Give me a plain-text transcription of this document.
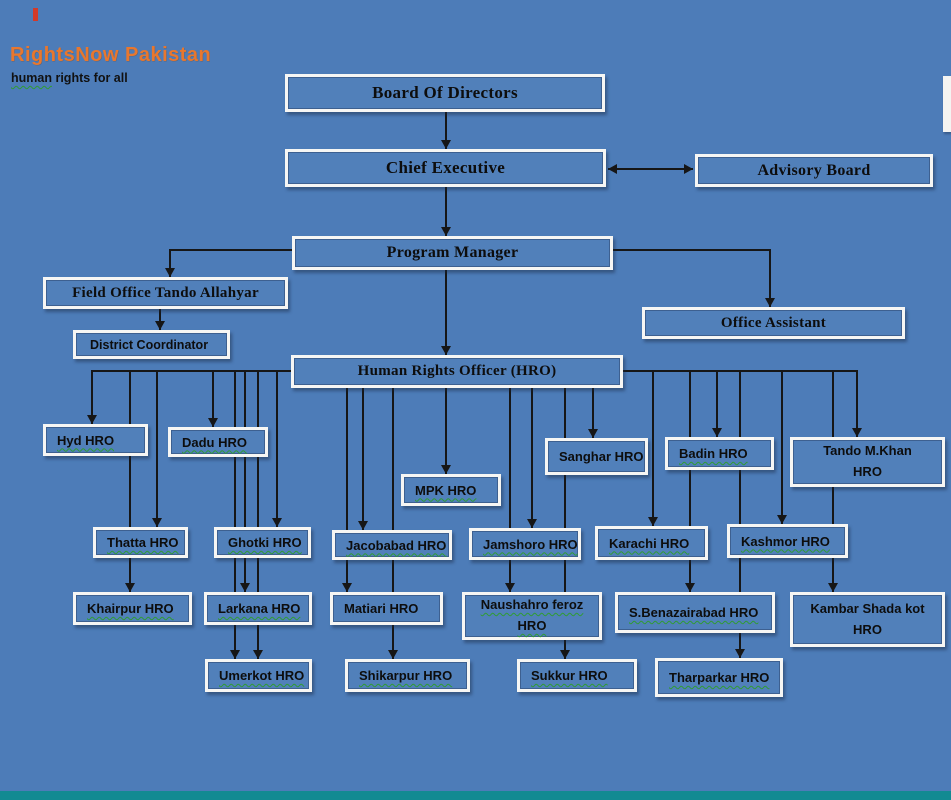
RightsNow Pakistan
human rights for all
Board Of Directors
Chief Executive	Advisory Board
Program Manager
Field Office Tando Allahyar
District Coordinator
Office Assistant
Human Rights Officer (HRO)
Hyd HRO	Dadu HRO
MPK HRO
Sanghar HRO	Badin HRO	Tando M.Khan
HRO
Thatta HRO	Ghotki HRO	Jacobabad HRO	Jamshoro HRO Karachi HRO	Kashmor HRO
Khairpur HRO	Larkana HRO	Matiari HRO	Naushahro feroz
HRO
S.Benazairabad HRO	Kambar Shada kot
HRO
Umerkot HRO	Shikarpur HRO	Sukkur HRO	Tharparkar HRO
